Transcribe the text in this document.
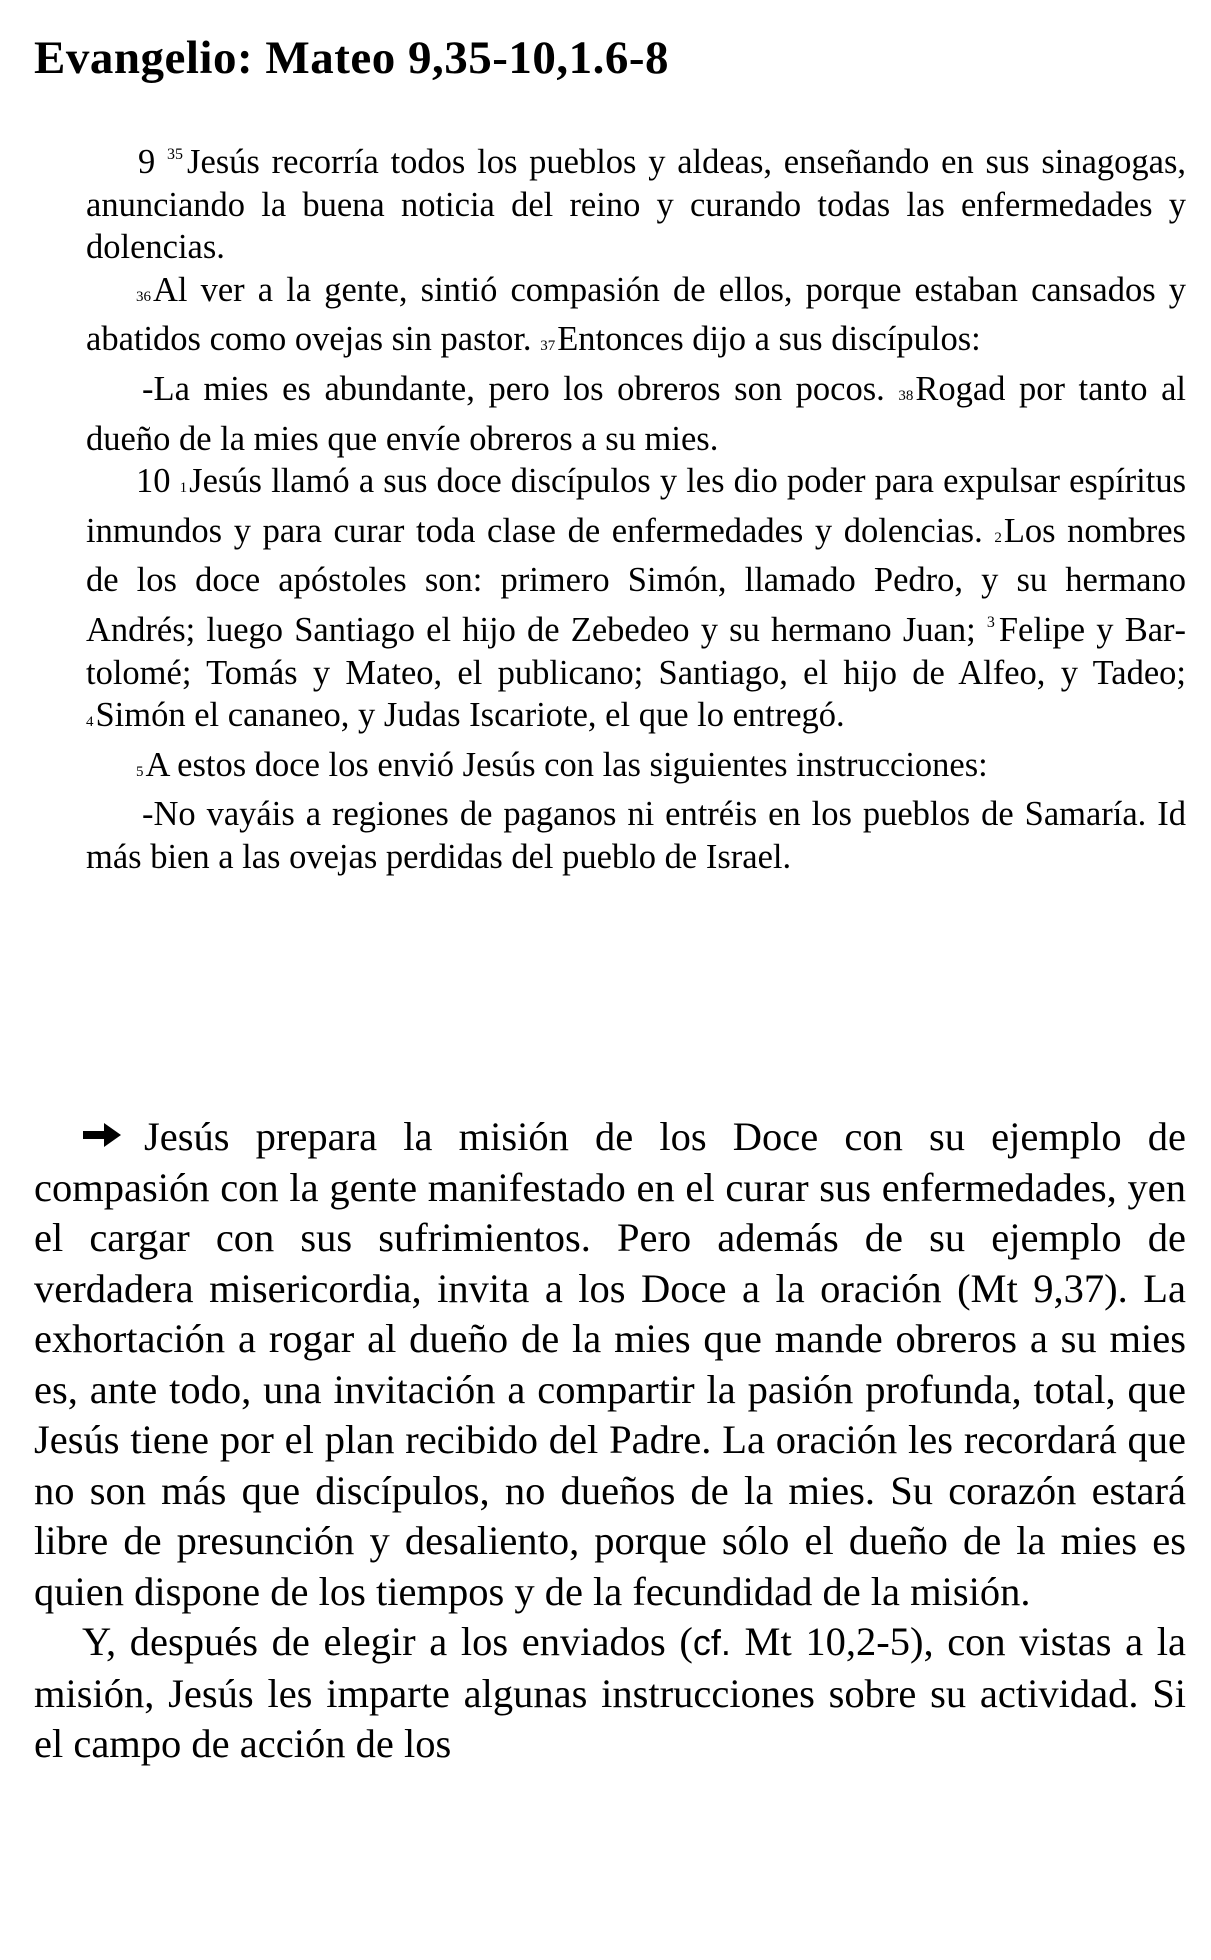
Evangelio: Mateo 9,35-10,1.6-8

9 $^{35}$ Jesús recorría todos los pueblos y aldeas, enseñando en sus sinagogas, anunciando la buena noticia del reino y curando todas las enfermedades y dolencias.

36Al ver a la gente, sintió compasión de ellos, porque estaban cansados y abatidos como ovejas sin pastor. 37Entonces dijo a sus discípulos:

-La mies es abundante, pero los obreros son pocos. 38Rogad por tanto al dueño de la mies que envíe obreros a su mies.

10 1Jesús llamó a sus doce discípulos y les dio poder para expulsar espíritus inmundos y para curar toda clase de enfermedades y dolencias. 2Los nombres de los doce apóstoles son: primero Simón, llamado Pedro, y su hermano Andrés; luego Santiago el hijo de Zebedeo y su hermano Juan; $^3$ Felipe y Bartolomé; Tomás y Mateo, el publicano; Santiago, el hijo de Alfeo, y Tadeo; 4Simón el cananeo, y Judas Iscariote, el que lo entregó.

5A estos doce los envió Jesús con las siguientes instrucciones:

-No vayáis a regiones de paganos ni entréis en los pueblos de Samaría. Id más bien a las ovejas perdidas del pueblo de Israel.

Jesús prepara la misión de los Doce con su ejemplo de compasión con la gente manifestado en el curar sus enfermedades, yen el cargar con sus sufrimientos. Pero además de su ejemplo de verdadera misericordia, invita a los Doce a la oración (Mt 9,37). La exhortación a rogar al dueño de la mies que mande obreros a su mies es, ante todo, una invitación a compartir la pasión profunda, total, que Jesús tiene por el plan recibido del Padre. La oración les recordará que no son más que discípulos, no dueños de la mies. Su corazón estará libre de presunción y desaliento, porque sólo el dueño de la mies es quien dispone de los tiempos y de la fecundidad de la misión.

Y, después de elegir a los enviados (cf. Mt 10,2-5), con vistas a la misión, Jesús les imparte algunas instrucciones sobre su actividad. Si el campo de acción de los
